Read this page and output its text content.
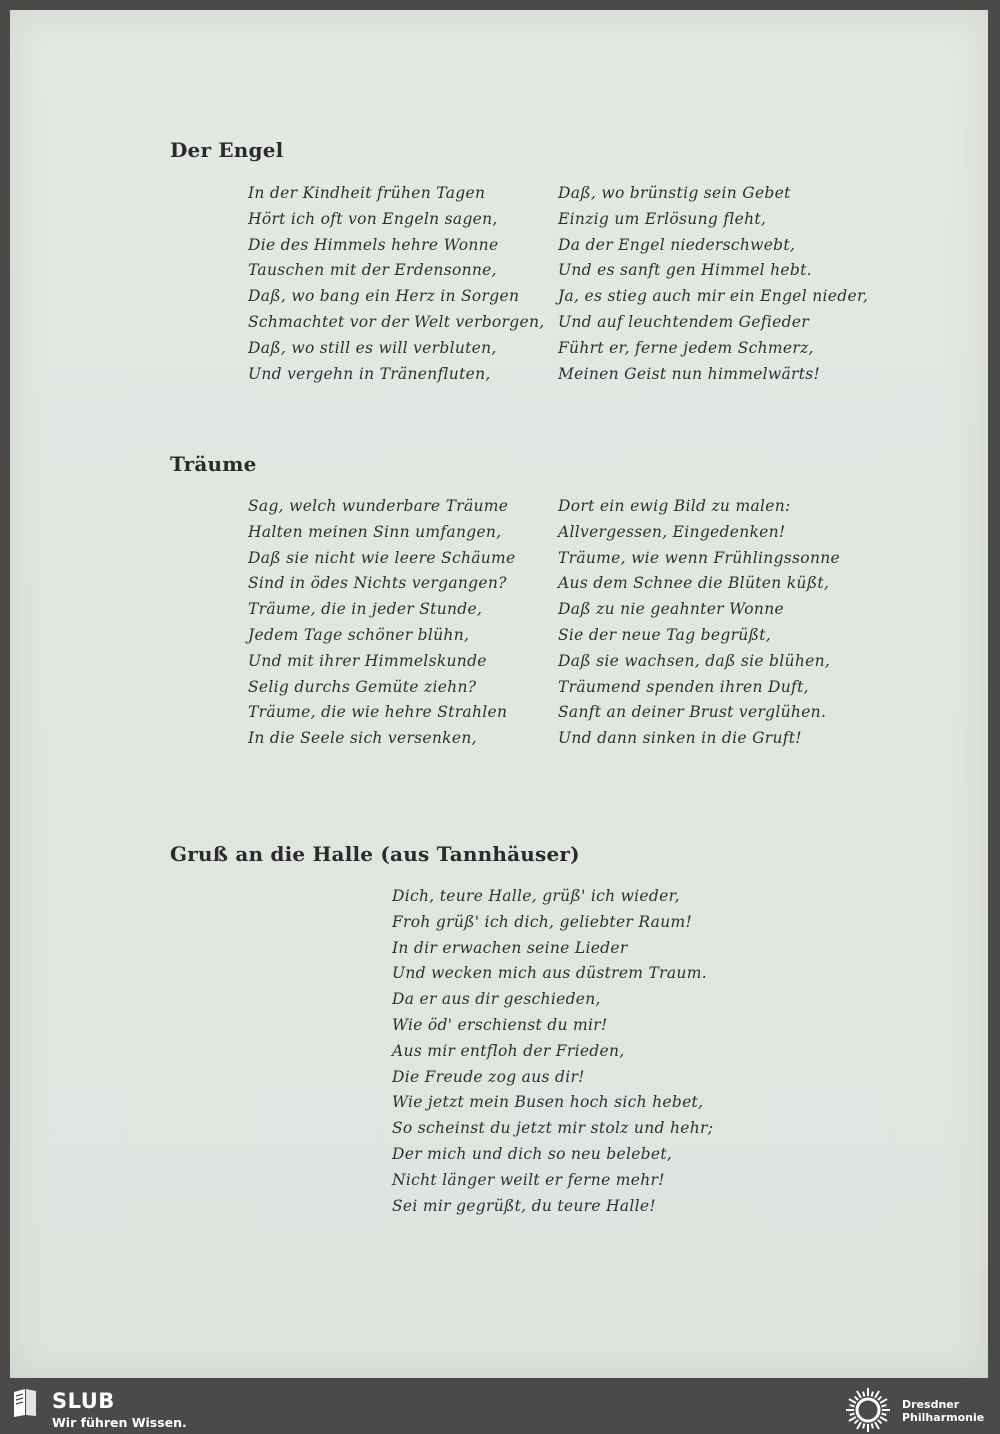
Der Engel
In der Kindheit frühen Tagen
Hört ich oft von Engeln sagen,
Die des Himmels hehre Wonne
Tauschen mit der Erdensonne,
Daß, wo bang ein Herz in Sorgen
Schmachtet vor der Welt verborgen,
Daß, wo still es will verbluten,
Und vergehn in Tränenfluten,
Daß, wo brünstig sein Gebet
Einzig um Erlösung fleht,
Da der Engel niederschwebt,
Und es sanft gen Himmel hebt.
Ja, es stieg auch mir ein Engel nieder,
Und auf leuchtendem Gefieder
Führt er, ferne jedem Schmerz,
Meinen Geist nun himmelwärts!
Träume
Sag, welch wunderbare Träume
Halten meinen Sinn umfangen,
Daß sie nicht wie leere Schäume
Sind in ödes Nichts vergangen?
Träume, die in jeder Stunde,
Jedem Tage schöner blühn,
Und mit ihrer Himmelskunde
Selig durchs Gemüte ziehn?
Träume, die wie hehre Strahlen
In die Seele sich versenken,
Dort ein ewig Bild zu malen:
Allvergessen, Eingedenken!
Träume, wie wenn Frühlingssonne
Aus dem Schnee die Blüten küßt,
Daß zu nie geahnter Wonne
Sie der neue Tag begrüßt,
Daß sie wachsen, daß sie blühen,
Träumend spenden ihren Duft,
Sanft an deiner Brust verglühen.
Und dann sinken in die Gruft!
Gruß an die Halle (aus Tannhäuser)
Dich, teure Halle, grüß' ich wieder,
Froh grüß' ich dich, geliebter Raum!
In dir erwachen seine Lieder
Und wecken mich aus düstrem Traum.
Da er aus dir geschieden,
Wie öd' erschienst du mir!
Aus mir entfloh der Frieden,
Die Freude zog aus dir!
Wie jetzt mein Busen hoch sich hebet,
So scheinst du jetzt mir stolz und hehr;
Der mich und dich so neu belebet,
Nicht länger weilt er ferne mehr!
Sei mir gegrüßt, du teure Halle!
SLUB
Wir führen Wissen.
Dresdner
Philharmonie
